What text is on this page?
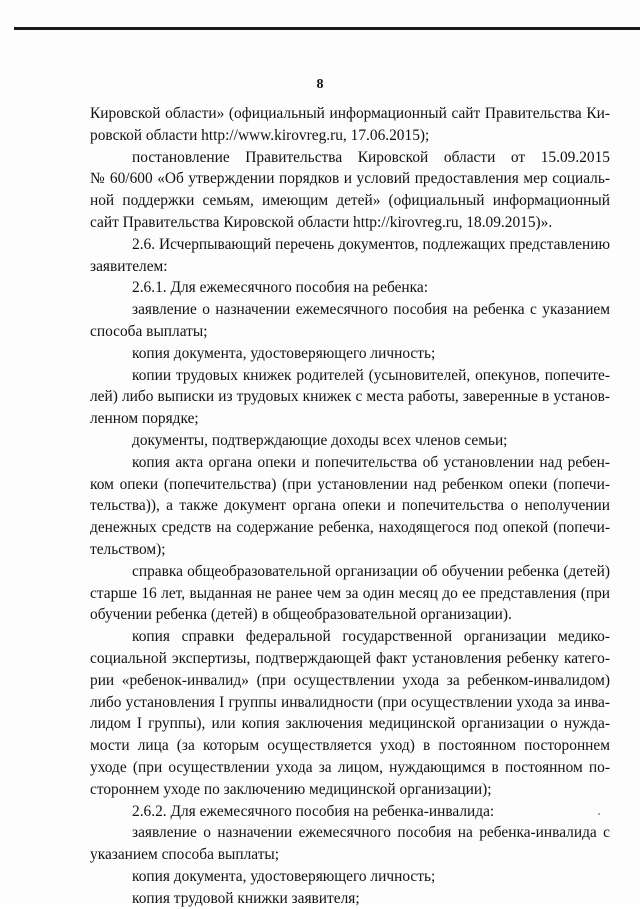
8
Кировской области» (официальный информационный сайт Правительства Ки-
ровской области http://www.kirovreg.ru, 17.06.2015);
постановление Правительства Кировской области от 15.09.2015
№ 60/600 «Об утверждении порядков и условий предоставления мер социаль-
ной поддержки семьям, имеющим детей» (официальный информационный
сайт Правительства Кировской области http://kirovreg.ru, 18.09.2015)».
2.6. Исчерпывающий перечень документов, подлежащих представлению
заявителем:
2.6.1. Для ежемесячного пособия на ребенка:
заявление о назначении ежемесячного пособия на ребенка с указанием
способа выплаты;
копия документа, удостоверяющего личность;
копии трудовых книжек родителей (усыновителей, опекунов, попечите-
лей) либо выписки из трудовых книжек с места работы, заверенные в установ-
ленном порядке;
документы, подтверждающие доходы всех членов семьи;
копия акта органа опеки и попечительства об установлении над ребен-
ком опеки (попечительства) (при установлении над ребенком опеки (попечи-
тельства)), а также документ органа опеки и попечительства о неполучении
денежных средств на содержание ребенка, находящегося под опекой (попечи-
тельством);
справка общеобразовательной организации об обучении ребенка (детей)
старше 16 лет, выданная не ранее чем за один месяц до ее представления (при
обучении ребенка (детей) в общеобразовательной организации).
копия справки федеральной государственной организации медико-
социальной экспертизы, подтверждающей факт установления ребенку катего-
рии «ребенок-инвалид» (при осуществлении ухода за ребенком-инвалидом)
либо установления I группы инвалидности (при осуществлении ухода за инва-
лидом I группы), или копия заключения медицинской организации о нужда-
мости лица (за которым осуществляется уход) в постоянном постороннем
уходе (при осуществлении ухода за лицом, нуждающимся в постоянном по-
стороннем уходе по заключению медицинской организации);
2.6.2. Для ежемесячного пособия на ребенка-инвалида:
заявление о назначении ежемесячного пособия на ребенка-инвалида с
указанием способа выплаты;
копия документа, удостоверяющего личность;
копия трудовой книжки заявителя;
